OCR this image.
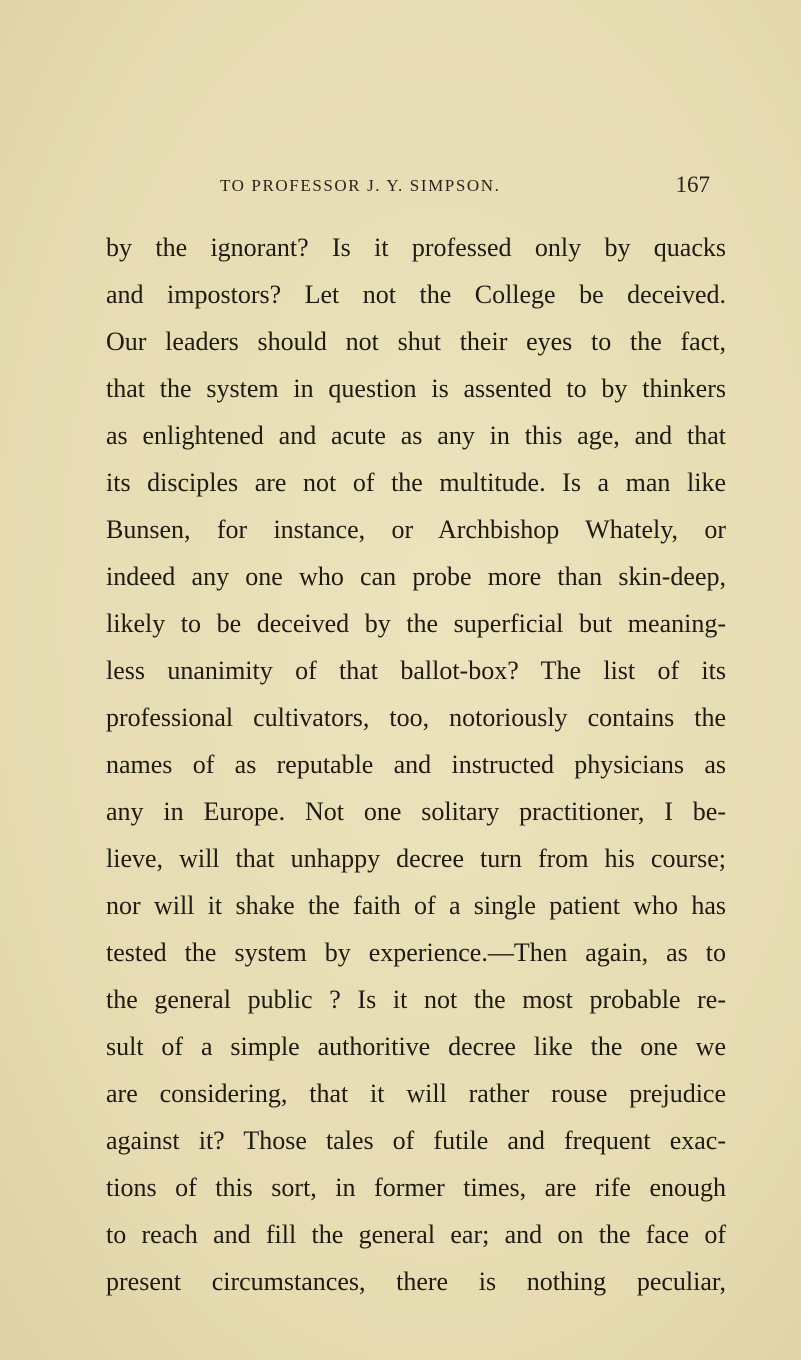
TO PROFESSOR J. Y. SIMPSON.	167
by the ignorant? Is it professed only by quacks
and impostors? Let not the College be deceived.
Our leaders should not shut their eyes to the fact,
that the system in question is assented to by thinkers
as enlightened and acute as any in this age, and that
its disciples are not of the multitude. Is a man like
Bunsen, for instance, or Archbishop Whately, or
indeed any one who can probe more than skin-deep,
likely to be deceived by the superficial but meaning-
less unanimity of that ballot-box? The list of its
professional cultivators, too, notoriously contains the
names of as reputable and instructed physicians as
any in Europe. Not one solitary practitioner, I be-
lieve, will that unhappy decree turn from his course;
nor will it shake the faith of a single patient who has
tested the system by experience.—Then again, as to
the general public ? Is it not the most probable re-
sult of a simple authoritive decree like the one we
are considering, that it will rather rouse prejudice
against it? Those tales of futile and frequent exac-
tions of this sort, in former times, are rife enough
to reach and fill the general ear; and on the face of
present circumstances, there is nothing peculiar,
